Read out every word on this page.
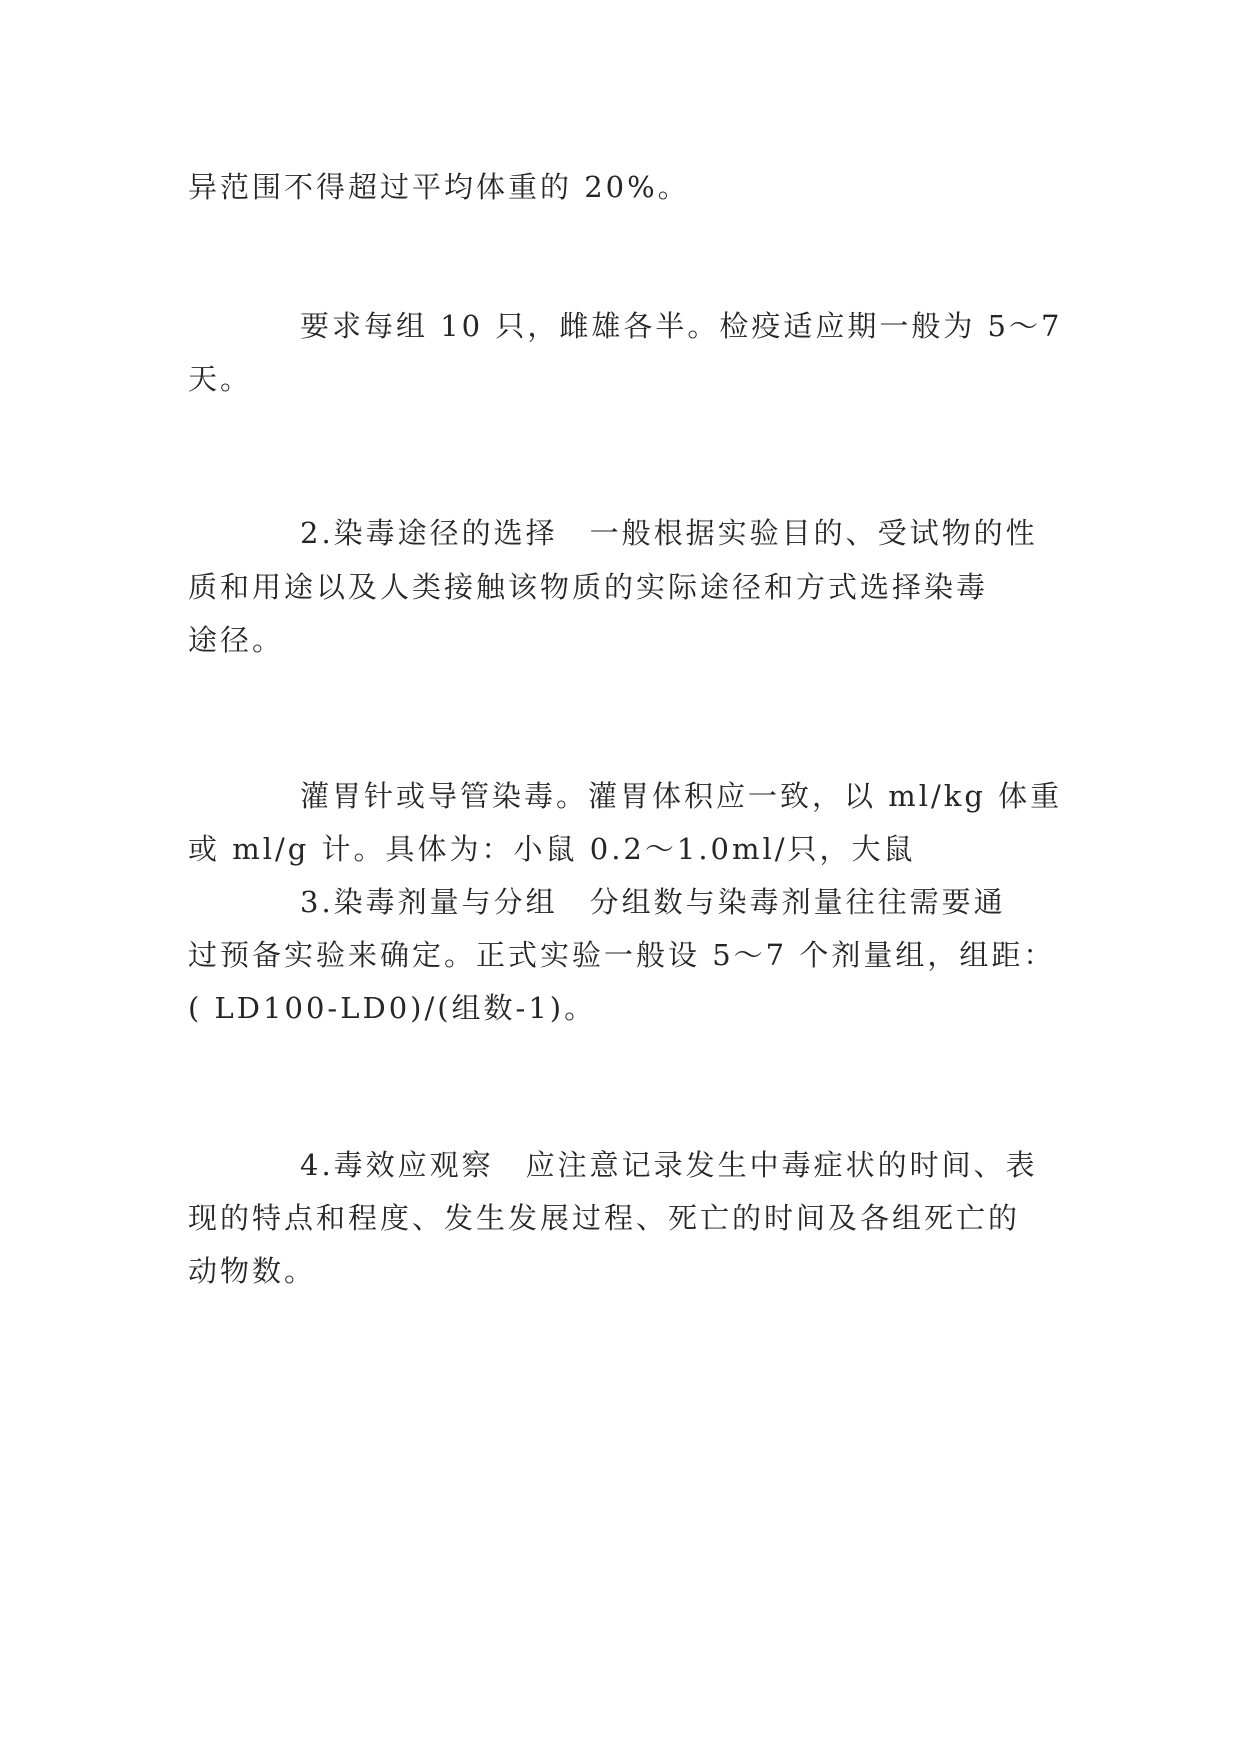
异范围不得超过平均体重的 20%。
要求每组 10 只，雌雄各半。检疫适应期一般为 5～7
天。
2.染毒途径的选择　一般根据实验目的、受试物的性
质和用途以及人类接触该物质的实际途径和方式选择染毒
途径。
灌胃针或导管染毒。灌胃体积应一致，以 ml/kg 体重
或 ml/g 计。具体为：小鼠 0.2～1.0ml/只，大鼠
3.染毒剂量与分组　分组数与染毒剂量往往需要通
过预备实验来确定。正式实验一般设 5～7 个剂量组，组距：
( LD100-LD0)/(组数-1)。
4.毒效应观察　应注意记录发生中毒症状的时间、表
现的特点和程度、发生发展过程、死亡的时间及各组死亡的
动物数。
